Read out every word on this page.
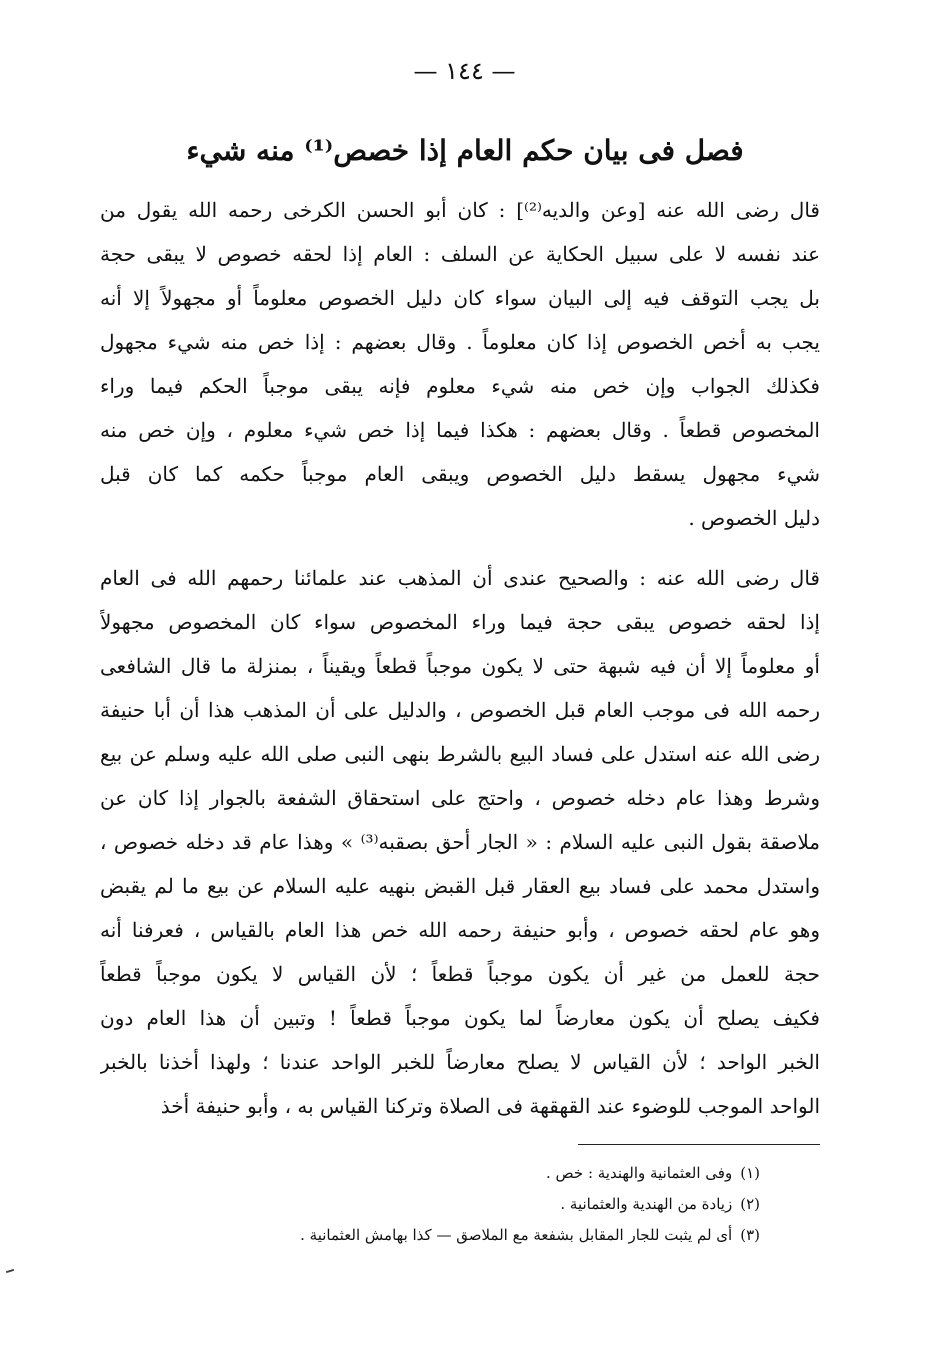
— ١٤٤ —
فصل فى بيان حكم العام إذا خصص⁽¹⁾ منه شيء
قال رضى الله عنه [وعن والديه⁽²⁾] : كان أبو الحسن الكرخى رحمه الله يقول من
عند نفسه لا على سبيل الحكاية عن السلف : العام إذا لحقه خصوص لا يبقى حجة
بل يجب التوقف فيه إلى البيان سواء كان دليل الخصوص معلوماً أو مجهولاً إلا أنه
يجب به أخص الخصوص إذا كان معلوماً . وقال بعضهم : إذا خص منه شيء مجهول
فكذلك الجواب وإن خص منه شيء معلوم فإنه يبقى موجباً الحكم فيما وراء
المخصوص قطعاً . وقال بعضهم : هكذا فيما إذا خص شيء معلوم ، وإن خص منه
شيء مجهول يسقط دليل الخصوص ويبقى العام موجباً حكمه كما كان قبل
دليل الخصوص .
قال رضى الله عنه : والصحيح عندى أن المذهب عند علمائنا رحمهم الله فى العام
إذا لحقه خصوص يبقى حجة فيما وراء المخصوص سواء كان المخصوص مجهولاً
أو معلوماً إلا أن فيه شبهة حتى لا يكون موجباً قطعاً ويقيناً ، بمنزلة ما قال الشافعى
رحمه الله فى موجب العام قبل الخصوص ، والدليل على أن المذهب هذا أن أبا حنيفة
رضى الله عنه استدل على فساد البيع بالشرط بنهى النبى صلى الله عليه وسلم عن بيع
وشرط وهذا عام دخله خصوص ، واحتج على استحقاق الشفعة بالجوار إذا كان عن
ملاصقة بقول النبى عليه السلام : « الجار أحق بصقبه⁽³⁾ » وهذا عام قد دخله خصوص ،
واستدل محمد على فساد بيع العقار قبل القبض بنهيه عليه السلام عن بيع ما لم يقبض
وهو عام لحقه خصوص ، وأبو حنيفة رحمه الله خص هذا العام بالقياس ، فعرفنا أنه
حجة للعمل من غير أن يكون موجباً قطعاً ؛ لأن القياس لا يكون موجباً قطعاً
فكيف يصلح أن يكون معارضاً لما يكون موجباً قطعاً ! وتبين أن هذا العام دون
الخبر الواحد ؛ لأن القياس لا يصلح معارضاً للخبر الواحد عندنا ؛ ولهذا أخذنا بالخبر
الواحد الموجب للوضوء عند القهقهة فى الصلاة وتركنا القياس به ، وأبو حنيفة أخذ
(١)وفى العثمانية والهندية : خص .
(٢)زيادة من الهندية والعثمانية .
(٣)أى لم يثبت للجار المقابل بشفعة مع الملاصق — كذا بهامش العثمانية .
